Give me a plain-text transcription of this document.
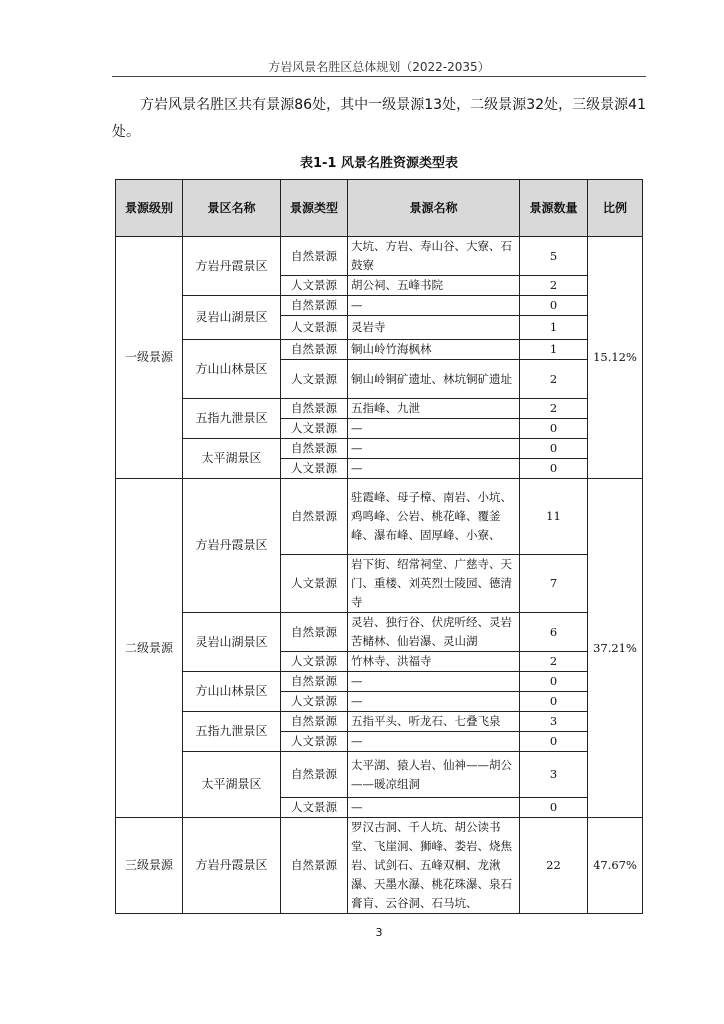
方岩风景名胜区总体规划（2022-2035）

方岩风景名胜区共有景源86处，其中一级景源13处，二级景源32处，三级景源41处。

表1-1 风景名胜资源类型表
景源级别	景区名称	景源类型	景源名称	景源数量	比例
一级景源	方岩丹霞景区	自然景源	大坑、方岩、寿山谷、大寮、石鼓寮	5	15.12%
		人文景源	胡公祠、五峰书院	2	
	灵岩山湖景区	自然景源	—	0	
		人文景源	灵岩寺	1	
	方山山林景区	自然景源	铜山岭竹海枫林	1	
		人文景源	铜山岭铜矿遗址、林坑铜矿遗址	2	
	五指九泄景区	自然景源	五指峰、九泄	2	
		人文景源	—	0	
	太平湖景区	自然景源	—	0	
		人文景源	—	0	
二级景源	方岩丹霞景区	自然景源	驻霞峰、母子樟、南岩、小坑、鸡鸣峰、公岩、桃花峰、覆釜峰、瀑布峰、固厚峰、小寮、	11	37.21%
		人文景源	岩下街、绍常祠堂、广慈寺、天门、重楼、刘英烈士陵园、德清寺	7	
	灵岩山湖景区	自然景源	灵岩、独行谷、伏虎听经、灵岩苦槠林、仙岩瀑、灵山湖	6	
		人文景源	竹林寺、洪福寺	2	
	方山山林景区	自然景源	—	0	
		人文景源	—	0	
	五指九泄景区	自然景源	五指平头、听龙石、七叠飞泉	3	
		人文景源	—	0	
	太平湖景区	自然景源	太平湖、猿人岩、仙神——胡公——暖凉组洞	3	
		人文景源	—	0	
三级景源	方岩丹霞景区	自然景源	罗汉古洞、千人坑、胡公读书堂、飞崖洞、狮峰、娄岩、烧焦岩、试剑石、五峰双桐、龙湫瀑、天墨水瀑、桃花珠瀑、泉石膏肓、云谷洞、石马坑、	22	47.67%
3
